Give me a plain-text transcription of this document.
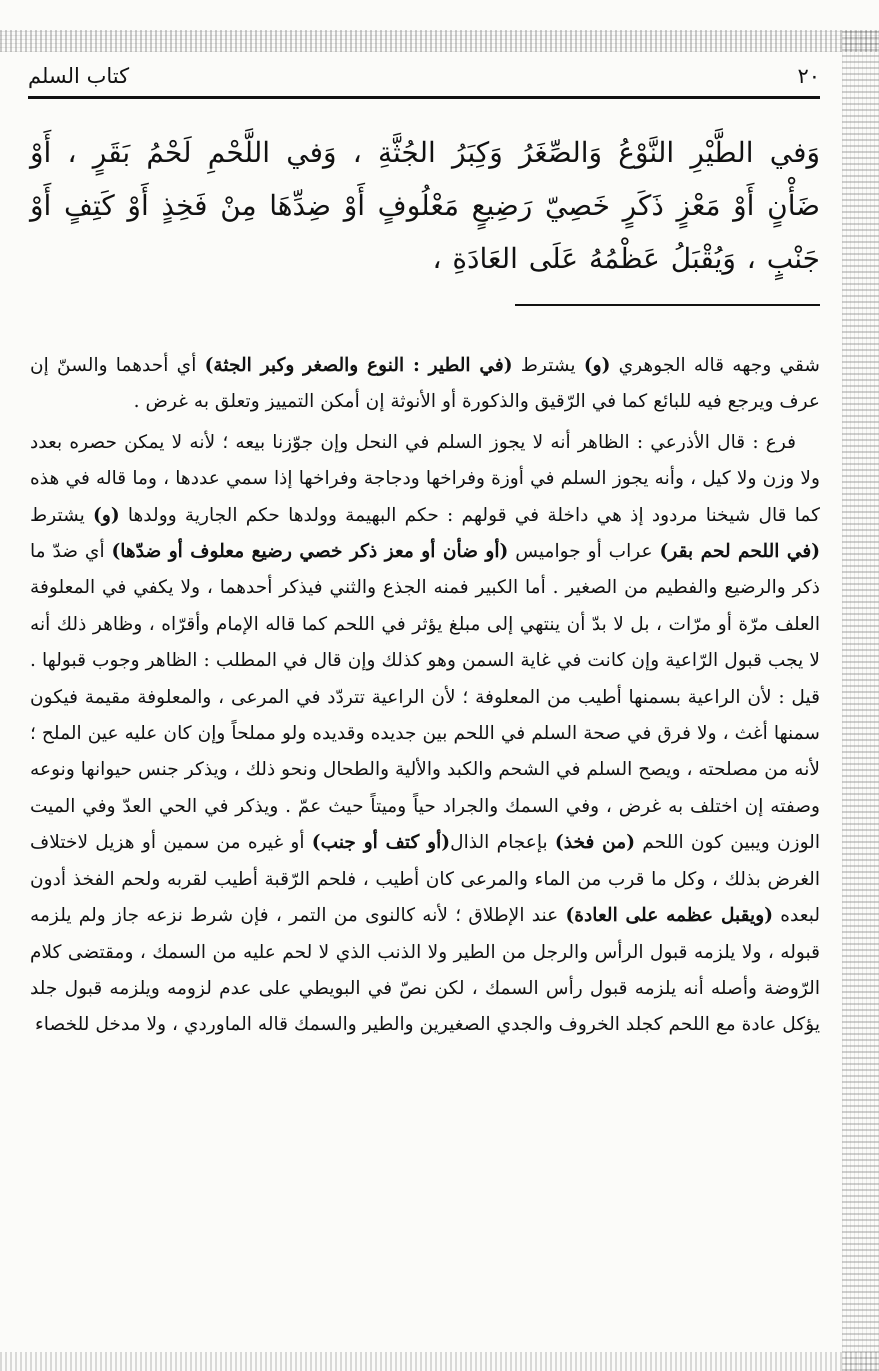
٢٠
كتاب السلم
وَفي الطَّيْرِ النَّوْعُ وَالصِّغَرُ وَكِبَرُ الجُثَّةِ ، وَفي اللَّحْمِ لَحْمُ بَقَرٍ ، أَوْ ضَأْنٍ أَوْ مَعْزٍ ذَكَرٍ خَصِيّ رَضِيعٍ مَعْلُوفٍ أَوْ ضِدِّهَا مِنْ فَخِذٍ أَوْ كَتِفٍ أَوْ جَنْبٍ ، وَيُقْبَلُ عَظْمُهُ عَلَى العَادَةِ ،

شقي وجهه قاله الجوهري (و) يشترط (في الطير : النوع والصغر وكبر الجثة) أي أحدهما والسنّ إن عرف ويرجع فيه للبائع كما في الرّقيق والذكورة أو الأنوثة إن أمكن التمييز وتعلق به غرض .

فرع : قال الأذرعي : الظاهر أنه لا يجوز السلم في النحل وإن جوّزنا بيعه ؛ لأنه لا يمكن حصره بعدد ولا وزن ولا كيل ، وأنه يجوز السلم في أوزة وفراخها ودجاجة وفراخها إذا سمي عددها ، وما قاله في هذه كما قال شيخنا مردود إذ هي داخلة في قولهم : حكم البهيمة وولدها حكم الجارية وولدها (و) يشترط (في اللحم لحم بقر) عراب أو جواميس (أو ضأن أو معز ذكر خصي رضيع معلوف أو ضدّها) أي ضدّ ما ذكر والرضيع والفطيم من الصغير . أما الكبير فمنه الجذع والثني فيذكر أحدهما ، ولا يكفي في المعلوفة العلف مرّة أو مرّات ، بل لا بدّ أن ينتهي إلى مبلغ يؤثر في اللحم كما قاله الإمام وأقرّاه ، وظاهر ذلك أنه لا يجب قبول الرّاعية وإن كانت في غاية السمن وهو كذلك وإن قال في المطلب : الظاهر وجوب قبولها . قيل : لأن الراعية بسمنها أطيب من المعلوفة ؛ لأن الراعية تتردّد في المرعى ، والمعلوفة مقيمة فيكون سمنها أغث ، ولا فرق في صحة السلم في اللحم بين جديده وقديده ولو مملحاً وإن كان عليه عين الملح ؛ لأنه من مصلحته ، ويصح السلم في الشحم والكبد والألية والطحال ونحو ذلك ، ويذكر جنس حيوانها ونوعه وصفته إن اختلف به غرض ، وفي السمك والجراد حياً وميتاً حيث عمّ . ويذكر في الحي العدّ وفي الميت الوزن ويبين كون اللحم (من فخذ) بإعجام الذال(أو كتف أو جنب) أو غيره من سمين أو هزيل لاختلاف الغرض بذلك ، وكل ما قرب من الماء والمرعى كان أطيب ، فلحم الرّقبة أطيب لقربه ولحم الفخذ أدون لبعده (ويقبل عظمه على العادة) عند الإطلاق ؛ لأنه كالنوى من التمر ، فإن شرط نزعه جاز ولم يلزمه قبوله ، ولا يلزمه قبول الرأس والرجل من الطير ولا الذنب الذي لا لحم عليه من السمك ، ومقتضى كلام الرّوضة وأصله أنه يلزمه قبول رأس السمك ، لكن نصّ في البويطي على عدم لزومه ويلزمه قبول جلد يؤكل عادة مع اللحم كجلد الخروف والجدي الصغيرين والطير والسمك قاله الماوردي ، ولا مدخل للخصاء
